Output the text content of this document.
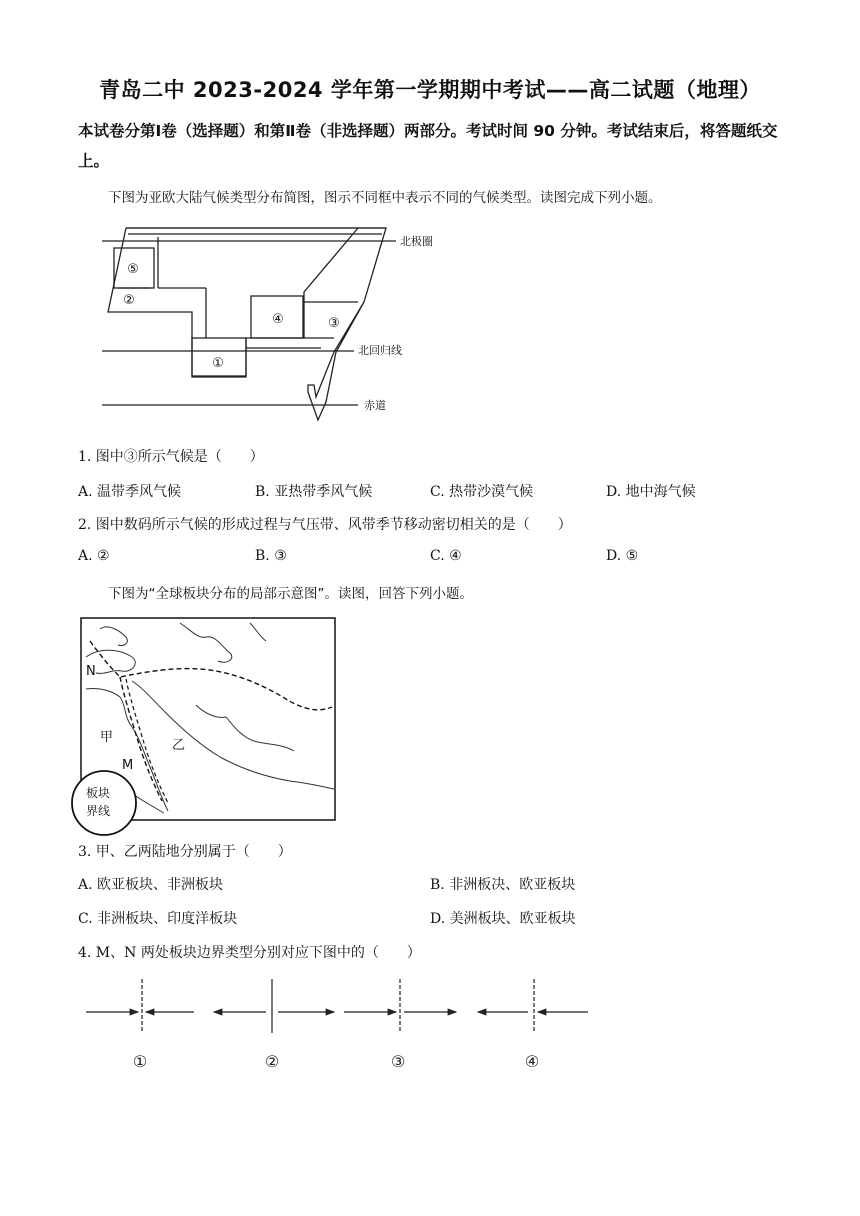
青岛二中 2023-2024 学年第一学期期中考试——高二试题（地理）
本试卷分第Ⅰ卷（选择题）和第Ⅱ卷（非选择题）两部分。考试时间 90 分钟。考试结束后，将答题纸交上。
下图为亚欧大陆气候类型分布简图，图示不同框中表示不同的气候类型。读图完成下列小题。
⑤
②
④	③
①
北极圈
北回归线
赤道
1. 图中③所示气候是（　　）
A. 温带季风气候	B. 亚热带季风气候	C. 热带沙漠气候	D. 地中海气候
2. 图中数码所示气候的形成过程与气压带、风带季节移动密切相关的是（　　）
A. ②	B. ③	C. ④	D. ⑤
下图为“全球板块分布的局部示意图”。读图，回答下列小题。
N
甲
乙
M
板块
界线
3. 甲、乙两陆地分别属于（　　）
A. 欧亚板块、非洲板块	B. 非洲板决、欧亚板块
C. 非洲板块、印度洋板块	D. 美洲板块、欧亚板块
4. M、N 两处板块边界类型分别对应下图中的（　　）
①	②	③	④
